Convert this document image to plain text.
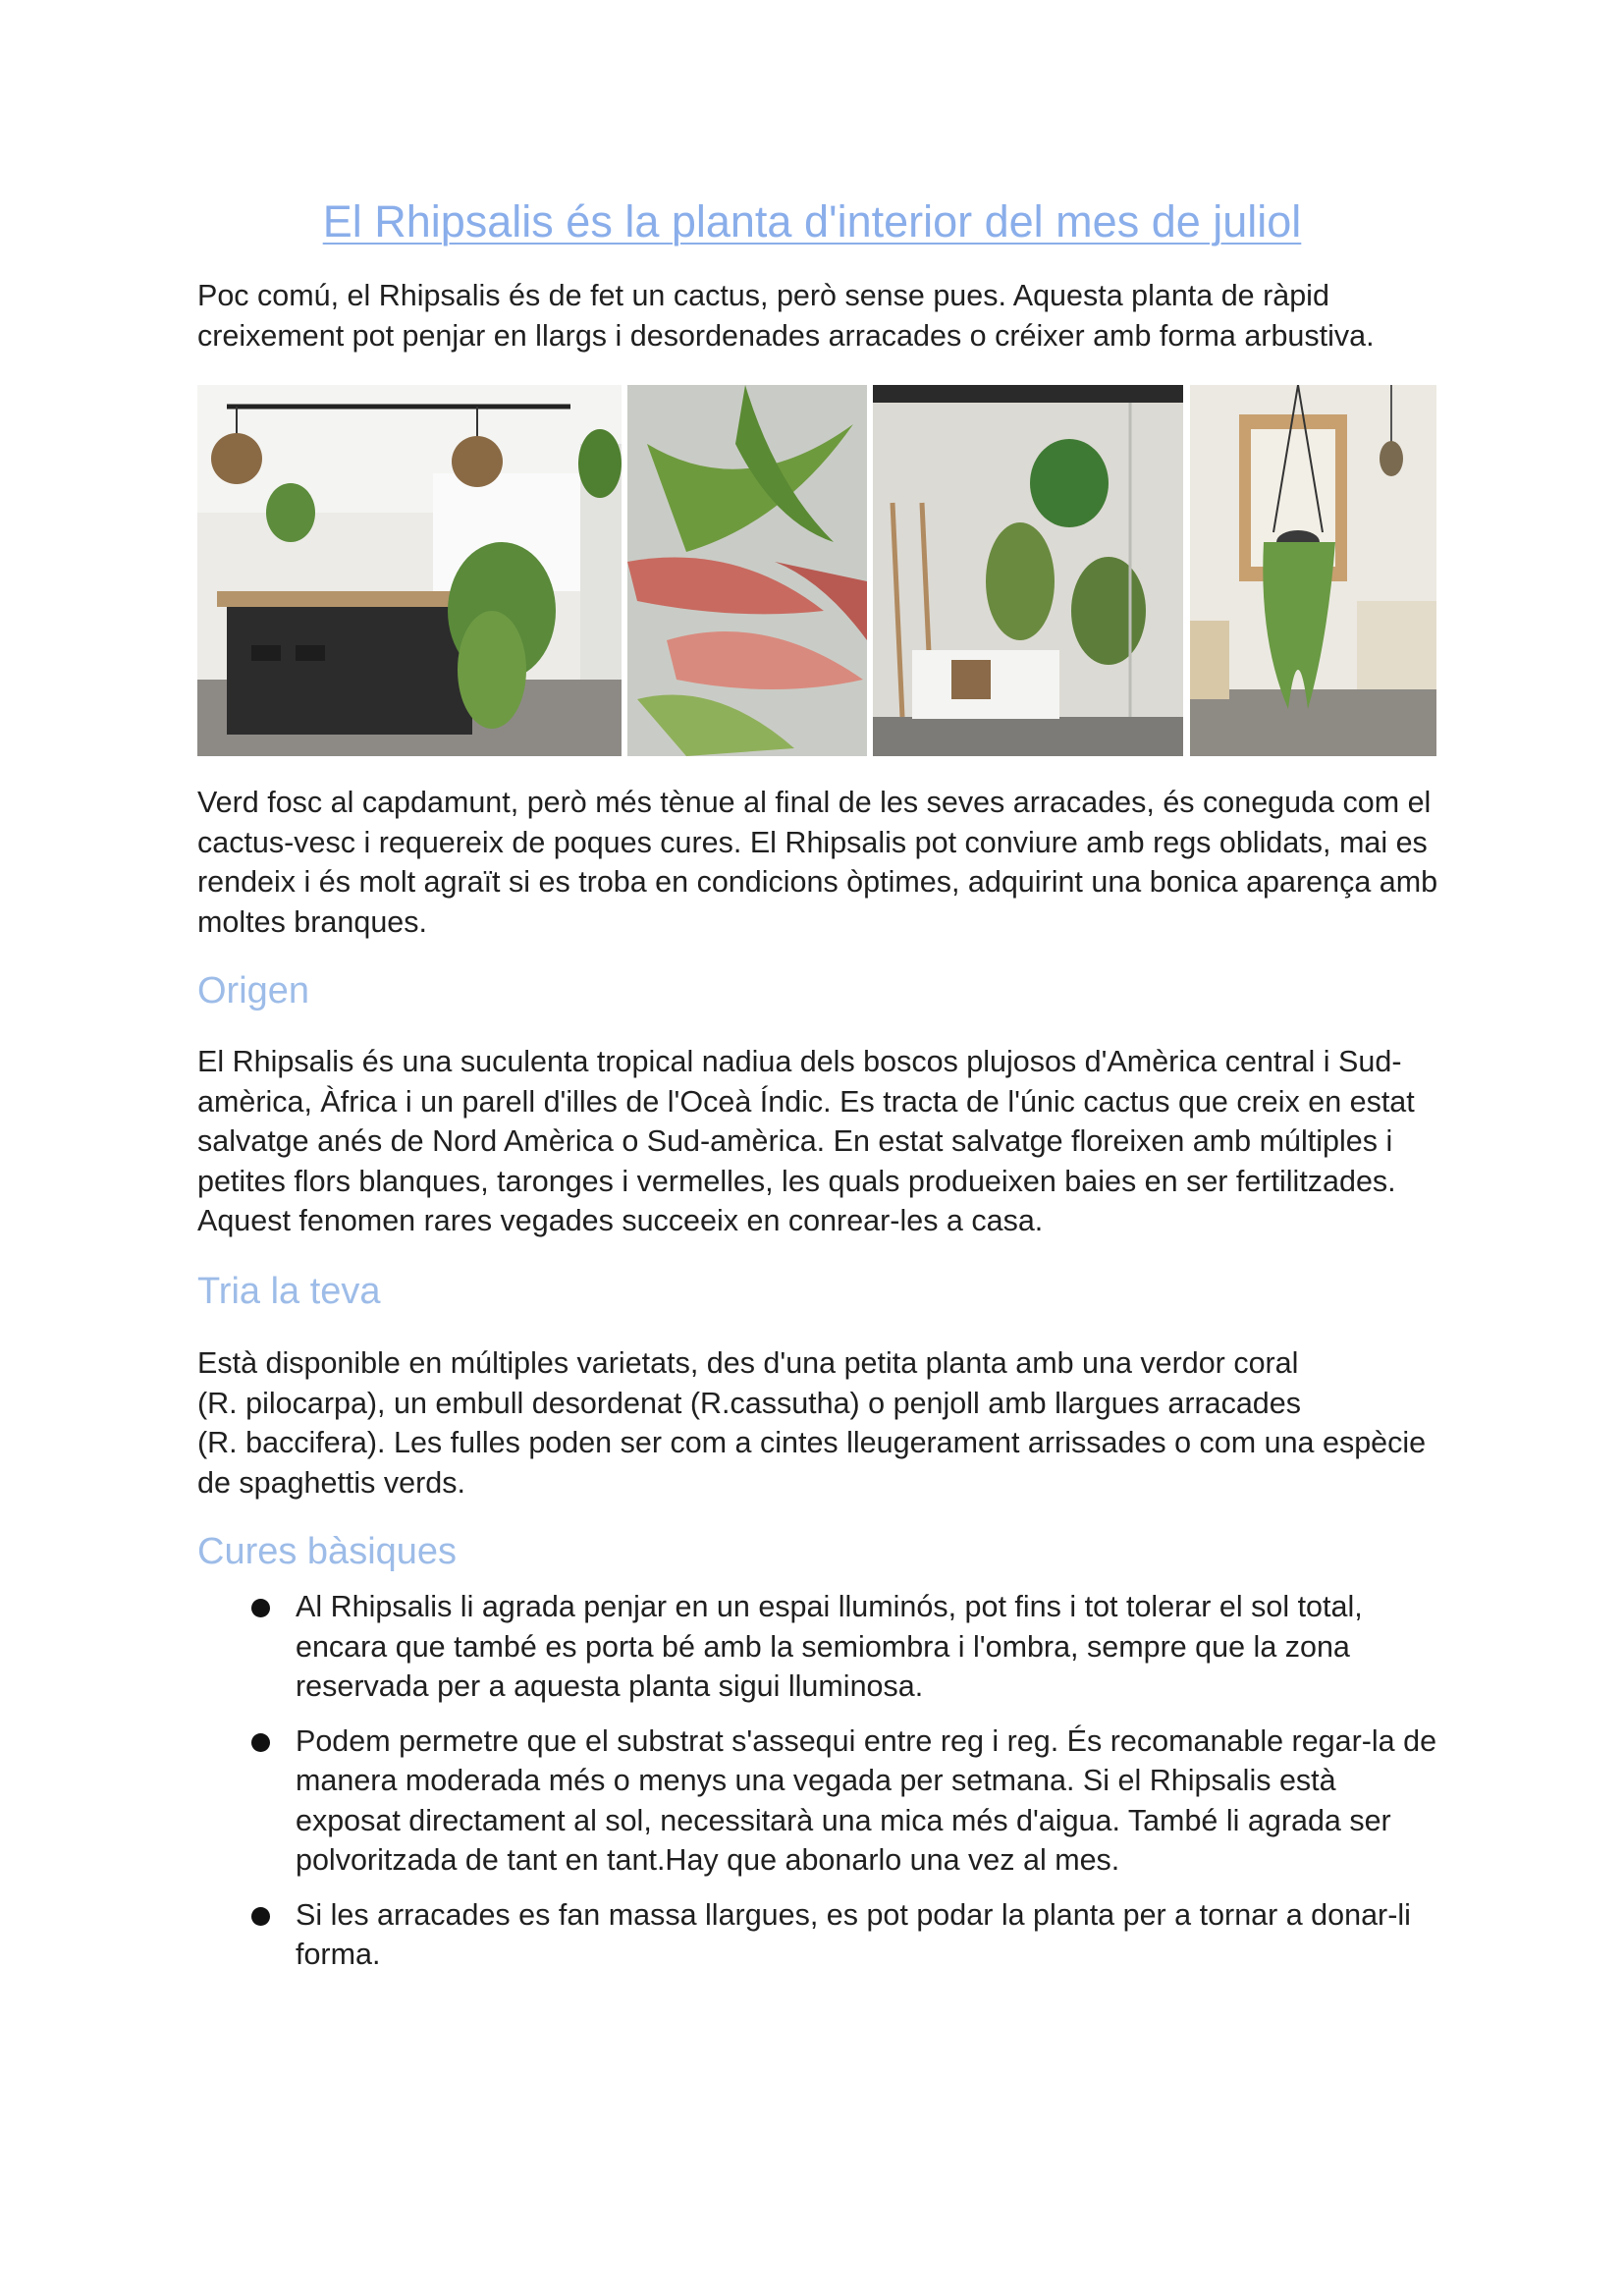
El Rhipsalis és la planta d'interior del mes de juliol

Poc comú, el Rhipsalis és de fet un cactus, però sense pues. Aquesta planta de ràpid creixement pot penjar en llargs i desordenades arracades o créixer amb forma arbustiva.

Verd fosc al capdamunt, però més tènue al final de les seves arracades, és coneguda com el cactus-vesc i requereix de poques cures. El Rhipsalis pot conviure amb regs oblidats, mai es rendeix i és molt agraït si es troba en condicions òptimes, adquirint una bonica aparença amb moltes branques.

Origen

El Rhipsalis és una suculenta tropical nadiua dels boscos plujosos d'Amèrica central i Sud-amèrica, Àfrica i un parell d'illes de l'Oceà Índic. Es tracta de l'únic cactus que creix en estat salvatge anés de Nord Amèrica o Sud-amèrica. En estat salvatge floreixen amb múltiples i petites flors blanques, taronges i vermelles, les quals produeixen baies en ser fertilitzades. Aquest fenomen rares vegades succeeix en conrear-les a casa.

Tria la teva
Està disponible en múltiples varietats, des d'una petita planta amb una verdor coral
(R. pilocarpa), un embull desordenat (R.cassutha) o penjoll amb llargues arracades
(R. baccifera). Les fulles poden ser com a cintes lleugerament arrissades o com una espècie de spaghettis verds.
Cures bàsiques
Al Rhipsalis li agrada penjar en un espai lluminós, pot fins i tot tolerar el sol total, encara que també es porta bé amb la semiombra i l'ombra, sempre que la zona reservada per a aquesta planta sigui lluminosa.
Podem permetre que el substrat s'assequi entre reg i reg. És recomanable regar-la de manera moderada més o menys una vegada per setmana. Si el Rhipsalis està exposat directament al sol, necessitarà una mica més d'aigua. També li agrada ser polvoritzada de tant en tant.Hay que abonarlo una vez al mes.
Si les arracades es fan massa llargues, es pot podar la planta per a tornar a donar-li forma.
